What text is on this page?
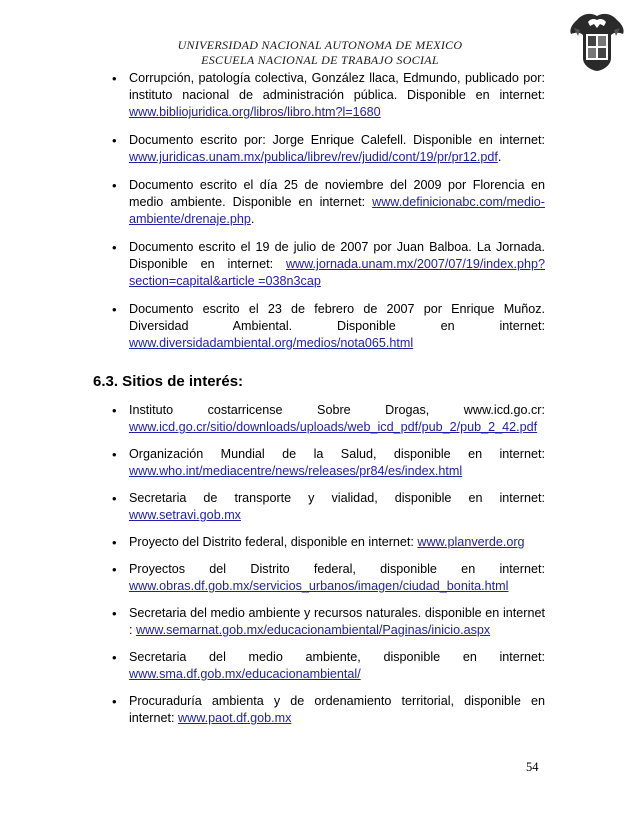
UNIVERSIDAD NACIONAL AUTONOMA DE MEXICO
ESCUELA NACIONAL DE TRABAJO SOCIAL
• Corrupción, patología colectiva, González llaca, Edmundo, publicado por: instituto nacional de administración pública. Disponible en internet: www.bibliojuridica.org/libros/libro.htm?l=1680
• Documento escrito por: Jorge Enrique Calefell. Disponible en internet: www.juridicas.unam.mx/publica/librev/rev/judid/cont/19/pr/pr12.pdf.
• Documento escrito el día 25 de noviembre del 2009 por Florencia en medio ambiente. Disponible en internet: www.definicionabc.com/medio-ambiente/drenaje.php.
• Documento escrito el 19 de julio de 2007 por Juan Balboa. La Jornada. Disponible en internet: www.jornada.unam.mx/2007/07/19/index.php?section=capital&article =038n3cap
• Documento escrito el 23 de febrero de 2007 por Enrique Muñoz. Diversidad Ambiental. Disponible en internet: www.diversidadambiental.org/medios/nota065.html
6.3. Sitios de interés:
• Instituto costarricense Sobre Drogas, www.icd.go.cr: www.icd.go.cr/sitio/downloads/uploads/web_icd_pdf/pub_2/pub_2_42.pdf
• Organización Mundial de la Salud, disponible en internet: www.who.int/mediacentre/news/releases/pr84/es/index.html
• Secretaria de transporte y vialidad, disponible en internet: www.setravi.gob.mx
• Proyecto del Distrito federal, disponible en internet: www.planverde.org
• Proyectos del Distrito federal, disponible en internet: www.obras.df.gob.mx/servicios_urbanos/imagen/ciudad_bonita.html
• Secretaria del medio ambiente y recursos naturales. disponible en internet : www.semarnat.gob.mx/educacionambiental/Paginas/inicio.aspx
• Secretaria del medio ambiente, disponible en internet: www.sma.df.gob.mx/educacionambiental/
• Procuraduría ambienta y de ordenamiento territorial, disponible en internet: www.paot.df.gob.mx
54
